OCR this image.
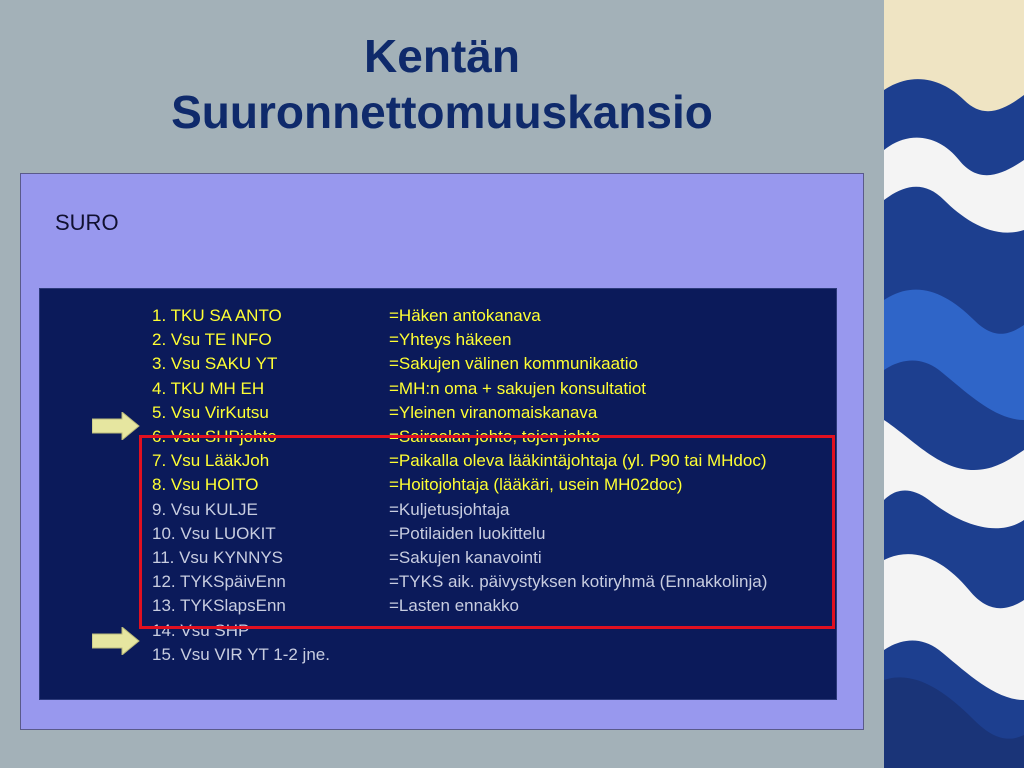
Kentän
Suuronnettomuuskansio
SURO
1. TKU SA ANTO	=Häken antokanava
2. Vsu TE INFO	=Yhteys häkeen
3. Vsu SAKU YT	=Sakujen välinen kommunikaatio
4. TKU MH EH	=MH:n oma + sakujen konsultatiot
5. Vsu VirKutsu	=Yleinen viranomaiskanava
6. Vsu SHPjohto	=Sairaalan johto, tojen johto
7. Vsu LääkJoh	=Paikalla oleva lääkintäjohtaja (yl. P90 tai MHdoc)
8. Vsu HOITO	=Hoitojohtaja (lääkäri, usein MH02doc)
9. Vsu KULJE	=Kuljetusjohtaja
10. Vsu LUOKIT	=Potilaiden luokittelu
11. Vsu KYNNYS	=Sakujen kanavointi
12. TYKSpäivEnn	=TYKS aik. päivystyksen kotiryhmä (Ennakkolinja)
13. TYKSlapsEnn	=Lasten ennakko
14. Vsu SHP
15. Vsu VIR YT 1-2 jne.
